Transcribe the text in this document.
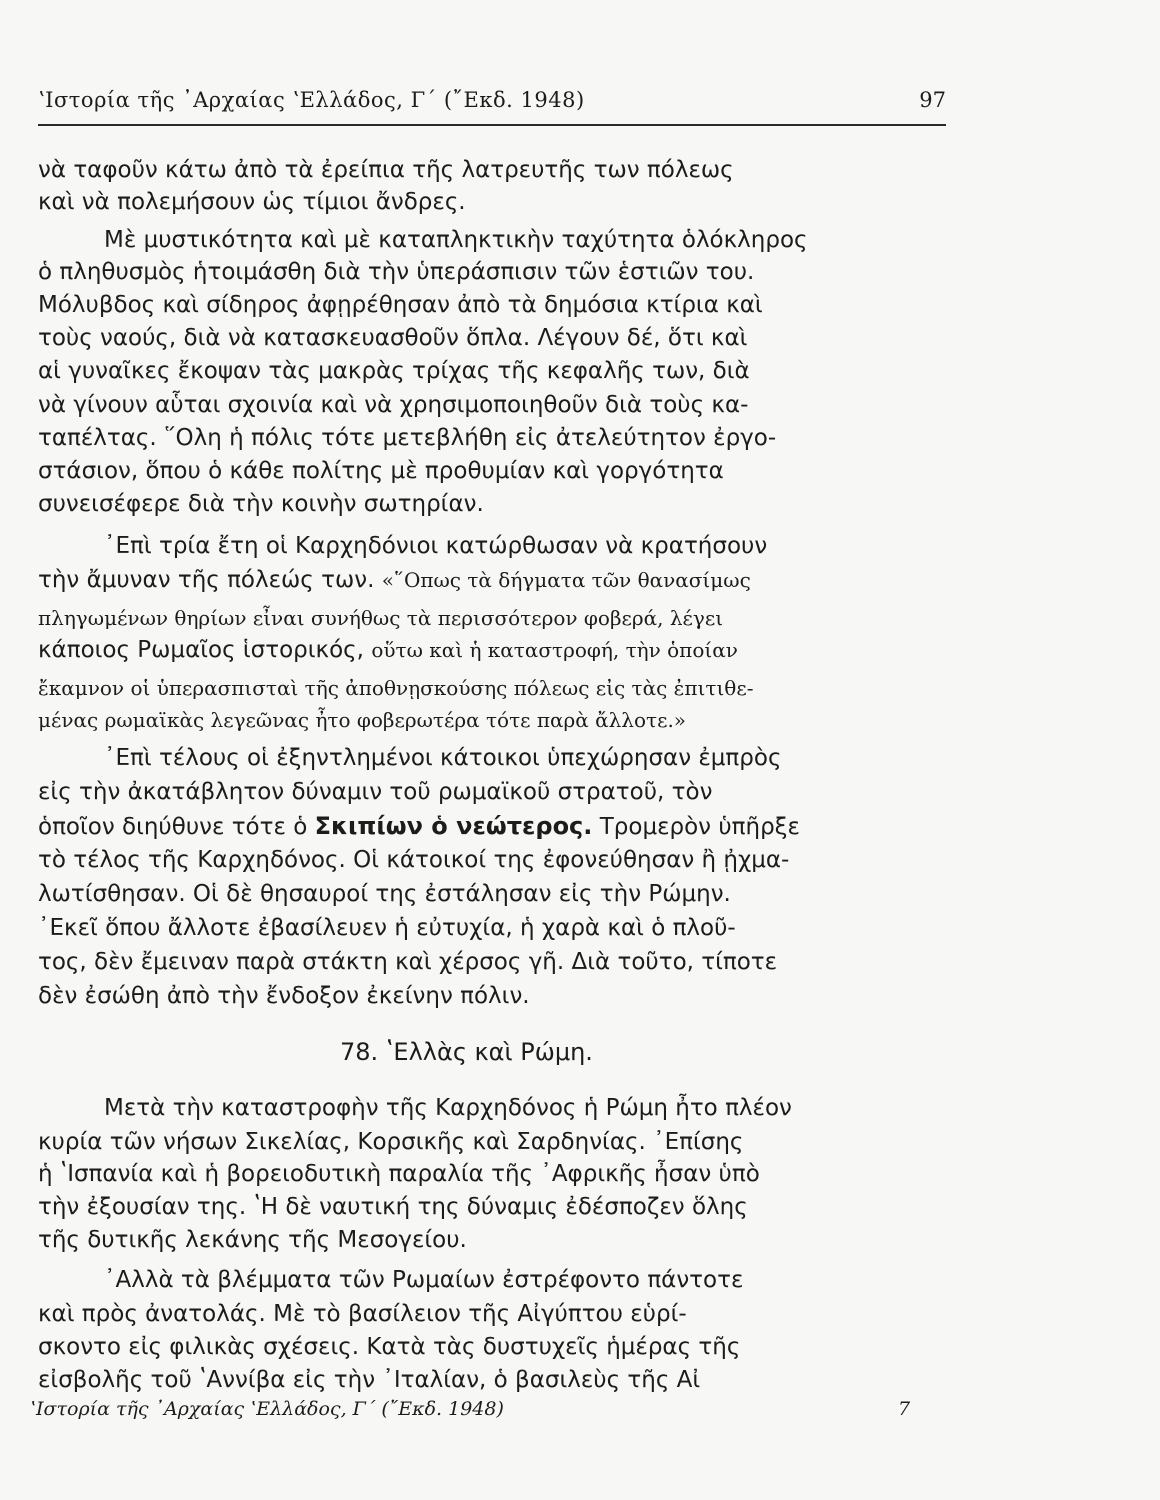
ʽΙστορία τῆς ᾿Αρχαίας ʽΕλλάδος, Γ΄ (῎Εκδ. 1948)	97
νὰ ταφοῦν κάτω ἀπὸ τὰ ἐρείπια τῆς λατρευτῆς των πόλεως
καὶ νὰ πολεμήσουν ὡς τίμιοι ἄνδρες.
Μὲ μυστικότητα καὶ μὲ καταπληκτικὴν ταχύτητα ὁλόκληρος
ὁ πληθυσμὸς ἡτοιμάσθη διὰ τὴν ὑπεράσπισιν τῶν ἑστιῶν του.
Μόλυβδος καὶ σίδηρος ἀφῃρέθησαν ἀπὸ τὰ δημόσια κτίρια καὶ
τοὺς ναούς, διὰ νὰ κατασκευασθοῦν ὅπλα. Λέγουν δέ, ὅτι καὶ
αἱ γυναῖκες ἔκοψαν τὰς μακρὰς τρίχας τῆς κεφαλῆς των, διὰ
νὰ γίνουν αὗται σχοινία καὶ νὰ χρησιμοποιηθοῦν διὰ τοὺς κα-
ταπέλτας. ῞Ολη ἡ πόλις τότε μετεβλήθη εἰς ἀτελεύτητον ἐργο-
στάσιον, ὅπου ὁ κάθε πολίτης μὲ προθυμίαν καὶ γοργότητα
συνεισέφερε διὰ τὴν κοινὴν σωτηρίαν.
᾿Επὶ τρία ἔτη οἱ Καρχηδόνιοι κατώρθωσαν νὰ κρατήσουν
τὴν ἄμυναν τῆς πόλεώς των. «῞Οπως τὰ δήγματα τῶν θανασίμως
πληγωμένων θηρίων εἶναι συνήθως τὰ περισσότερον φοβερά, λέγει
κάποιος Ρωμαῖος ἱστορικός, οὕτω καὶ ἡ καταστροφή, τὴν ὁποίαν
ἔκαμνον οἱ ὑπερασπισταὶ τῆς ἀποθνῃσκούσης πόλεως εἰς τὰς ἐπιτιθε-
μένας ρωμαϊκὰς λεγεῶνας ἦτο φοβερωτέρα τότε παρὰ ἄλλοτε.»
᾿Επὶ τέλους οἱ ἐξηντλημένοι κάτοικοι ὑπεχώρησαν ἐμπρὸς
εἰς τὴν ἀκατάβλητον δύναμιν τοῦ ρωμαϊκοῦ στρατοῦ, τὸν
ὁποῖον διηύθυνε τότε ὁ Σκιπίων ὁ νεώτερος. Τρομερὸν ὑπῆρξε
τὸ τέλος τῆς Καρχηδόνος. Οἱ κάτοικοί της ἐφονεύθησαν ἢ ᾐχμα-
λωτίσθησαν. Οἱ δὲ θησαυροί της ἐστάλησαν εἰς τὴν Ρώμην.
᾿Εκεῖ ὅπου ἄλλοτε ἐβασίλευεν ἡ εὐτυχία, ἡ χαρὰ καὶ ὁ πλοῦ-
τος, δὲν ἔμειναν παρὰ στάκτη καὶ χέρσος γῆ. Διὰ τοῦτο, τίποτε
δὲν ἐσώθη ἀπὸ τὴν ἔνδοξον ἐκείνην πόλιν.
78. ʽΕλλὰς καὶ Ρώμη.
Μετὰ τὴν καταστροφὴν τῆς Καρχηδόνος ἡ Ρώμη ἦτο πλέον
κυρία τῶν νήσων Σικελίας, Κορσικῆς καὶ Σαρδηνίας. ᾿Επίσης
ἡ ʽΙσπανία καὶ ἡ βορειοδυτικὴ παραλία τῆς ᾿Αφρικῆς ἦσαν ὑπὸ
τὴν ἐξουσίαν της. ʽΗ δὲ ναυτική της δύναμις ἐδέσποζεν ὅλης
τῆς δυτικῆς λεκάνης τῆς Μεσογείου.
᾿Αλλὰ τὰ βλέμματα τῶν Ρωμαίων ἐστρέφοντο πάντοτε
καὶ πρὸς ἀνατολάς. Μὲ τὸ βασίλειον τῆς Αἰγύπτου εὑρί-
σκοντο εἰς φιλικὰς σχέσεις. Κατὰ τὰς δυστυχεῖς ἡμέρας τῆς
εἰσβολῆς τοῦ ʽΑννίβα εἰς τὴν ᾿Ιταλίαν, ὁ βασιλεὺς τῆς Αἰ
ʽΙστορία τῆς ᾿Αρχαίας ʽΕλλάδος, Γ΄ (῎Εκδ. 1948)	7
